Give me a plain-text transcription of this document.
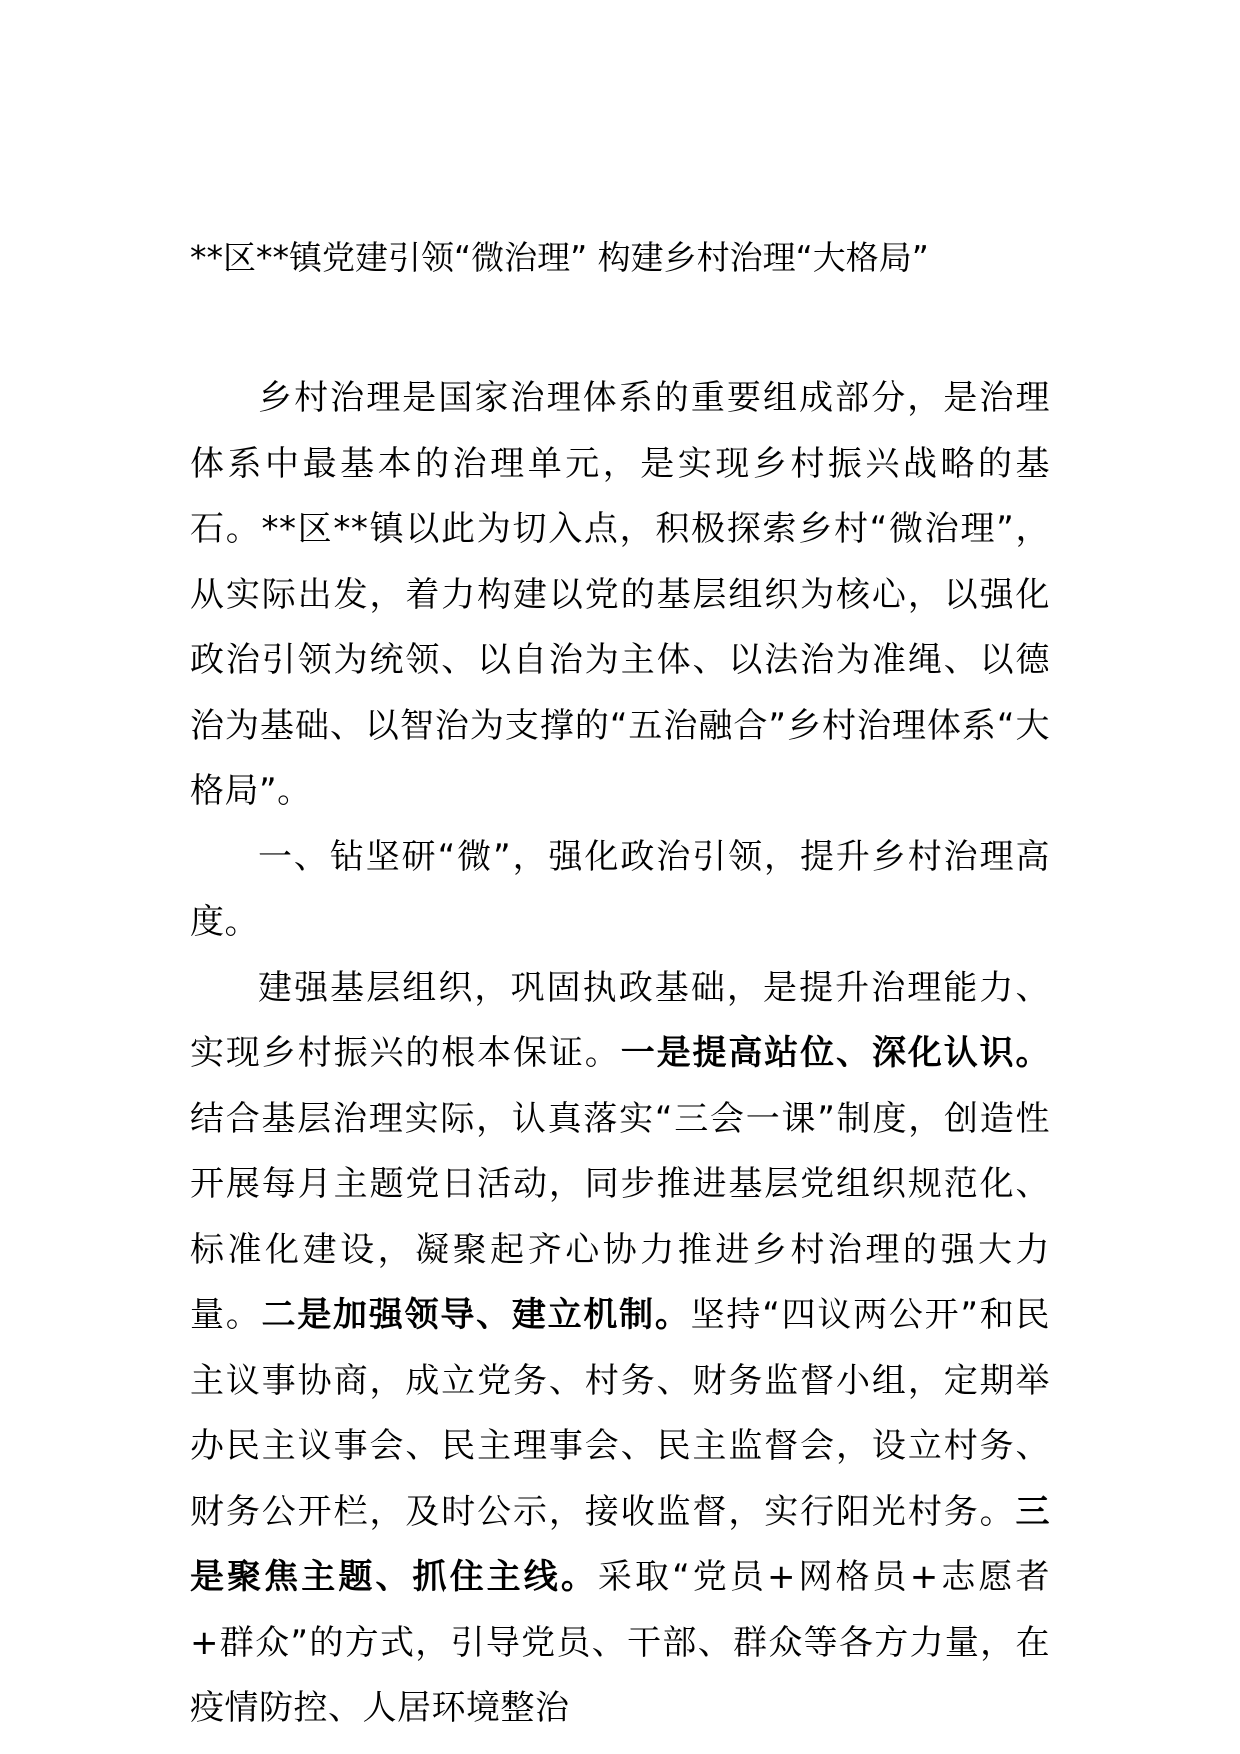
**区**镇党建引领“微治理” 构建乡村治理“大格局”

乡村治理是国家治理体系的重要组成部分，是治理体系中最基本的治理单元，是实现乡村振兴战略的基石。**区**镇以此为切入点，积极探索乡村“微治理”，从实际出发，着力构建以党的基层组织为核心，以强化政治引领为统领、以自治为主体、以法治为准绳、以德治为基础、以智治为支撑的“五治融合”乡村治理体系“大格局”。

一、钻坚研“微”，强化政治引领，提升乡村治理高度。

建强基层组织，巩固执政基础，是提升治理能力、实现乡村振兴的根本保证。一是提高站位、深化认识。结合基层治理实际，认真落实“三会一课”制度，创造性开展每月主题党日活动，同步推进基层党组织规范化、标准化建设，凝聚起齐心协力推进乡村治理的强大力量。二是加强领导、建立机制。坚持“四议两公开”和民主议事协商，成立党务、村务、财务监督小组，定期举办民主议事会、民主理事会、民主监督会，设立村务、财务公开栏，及时公示，接收监督，实行阳光村务。三是聚焦主题、抓住主线。采取“党员+网格员+志愿者+群众”的方式，引导党员、干部、群众等各方力量，在疫情防控、人居环境整治
